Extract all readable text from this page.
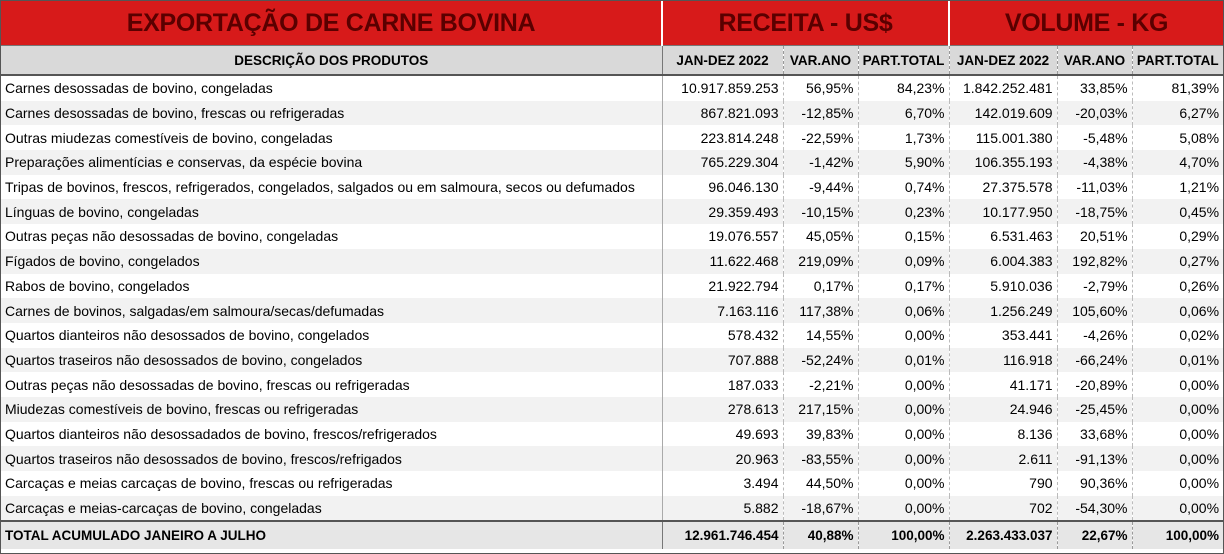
EXPORTAÇÃO DE CARNE BOVINA	RECEITA - US$			VOLUME - KG		
DESCRIÇÃO DOS PRODUTOS	JAN-DEZ 2022	VAR.ANO	PART.TOTAL	JAN-DEZ 2022	VAR.ANO	PART.TOTAL
Carnes desossadas de bovino, congeladas	10.917.859.253	56,95%	84,23%	1.842.252.481	33,85%	81,39%
Carnes desossadas de bovino, frescas ou refrigeradas	867.821.093	-12,85%	6,70%	142.019.609	-20,03%	6,27%
Outras miudezas comestíveis de bovino, congeladas	223.814.248	-22,59%	1,73%	115.001.380	-5,48%	5,08%
Preparações alimentícias e conservas, da espécie bovina	765.229.304	-1,42%	5,90%	106.355.193	-4,38%	4,70%
Tripas de bovinos, frescos, refrigerados, congelados, salgados ou em salmoura, secos ou defumados	96.046.130	-9,44%	0,74%	27.375.578	-11,03%	1,21%
Línguas de bovino, congeladas	29.359.493	-10,15%	0,23%	10.177.950	-18,75%	0,45%
Outras peças não desossadas de bovino, congeladas	19.076.557	45,05%	0,15%	6.531.463	20,51%	0,29%
Fígados de bovino, congelados	11.622.468	219,09%	0,09%	6.004.383	192,82%	0,27%
Rabos de bovino, congelados	21.922.794	0,17%	0,17%	5.910.036	-2,79%	0,26%
Carnes de bovinos, salgadas/em salmoura/secas/defumadas	7.163.116	117,38%	0,06%	1.256.249	105,60%	0,06%
Quartos dianteiros não desossados de bovino, congelados	578.432	14,55%	0,00%	353.441	-4,26%	0,02%
Quartos traseiros não desossados de bovino, congelados	707.888	-52,24%	0,01%	116.918	-66,24%	0,01%
Outras peças não desossadas de bovino, frescas ou refrigeradas	187.033	-2,21%	0,00%	41.171	-20,89%	0,00%
Miudezas comestíveis de bovino, frescas ou refrigeradas	278.613	217,15%	0,00%	24.946	-25,45%	0,00%
Quartos dianteiros não desossadados de bovino, frescos/refrigerados	49.693	39,83%	0,00%	8.136	33,68%	0,00%
Quartos traseiros não desossados de bovino, frescos/refrigados	20.963	-83,55%	0,00%	2.611	-91,13%	0,00%
Carcaças e meias carcaças de bovino, frescas ou refrigeradas	3.494	44,50%	0,00%	790	90,36%	0,00%
Carcaças e meias-carcaças de bovino, congeladas	5.882	-18,67%	0,00%	702	-54,30%	0,00%
TOTAL ACUMULADO JANEIRO A JULHO	12.961.746.454	40,88%	100,00%	2.263.433.037	22,67%	100,00%
